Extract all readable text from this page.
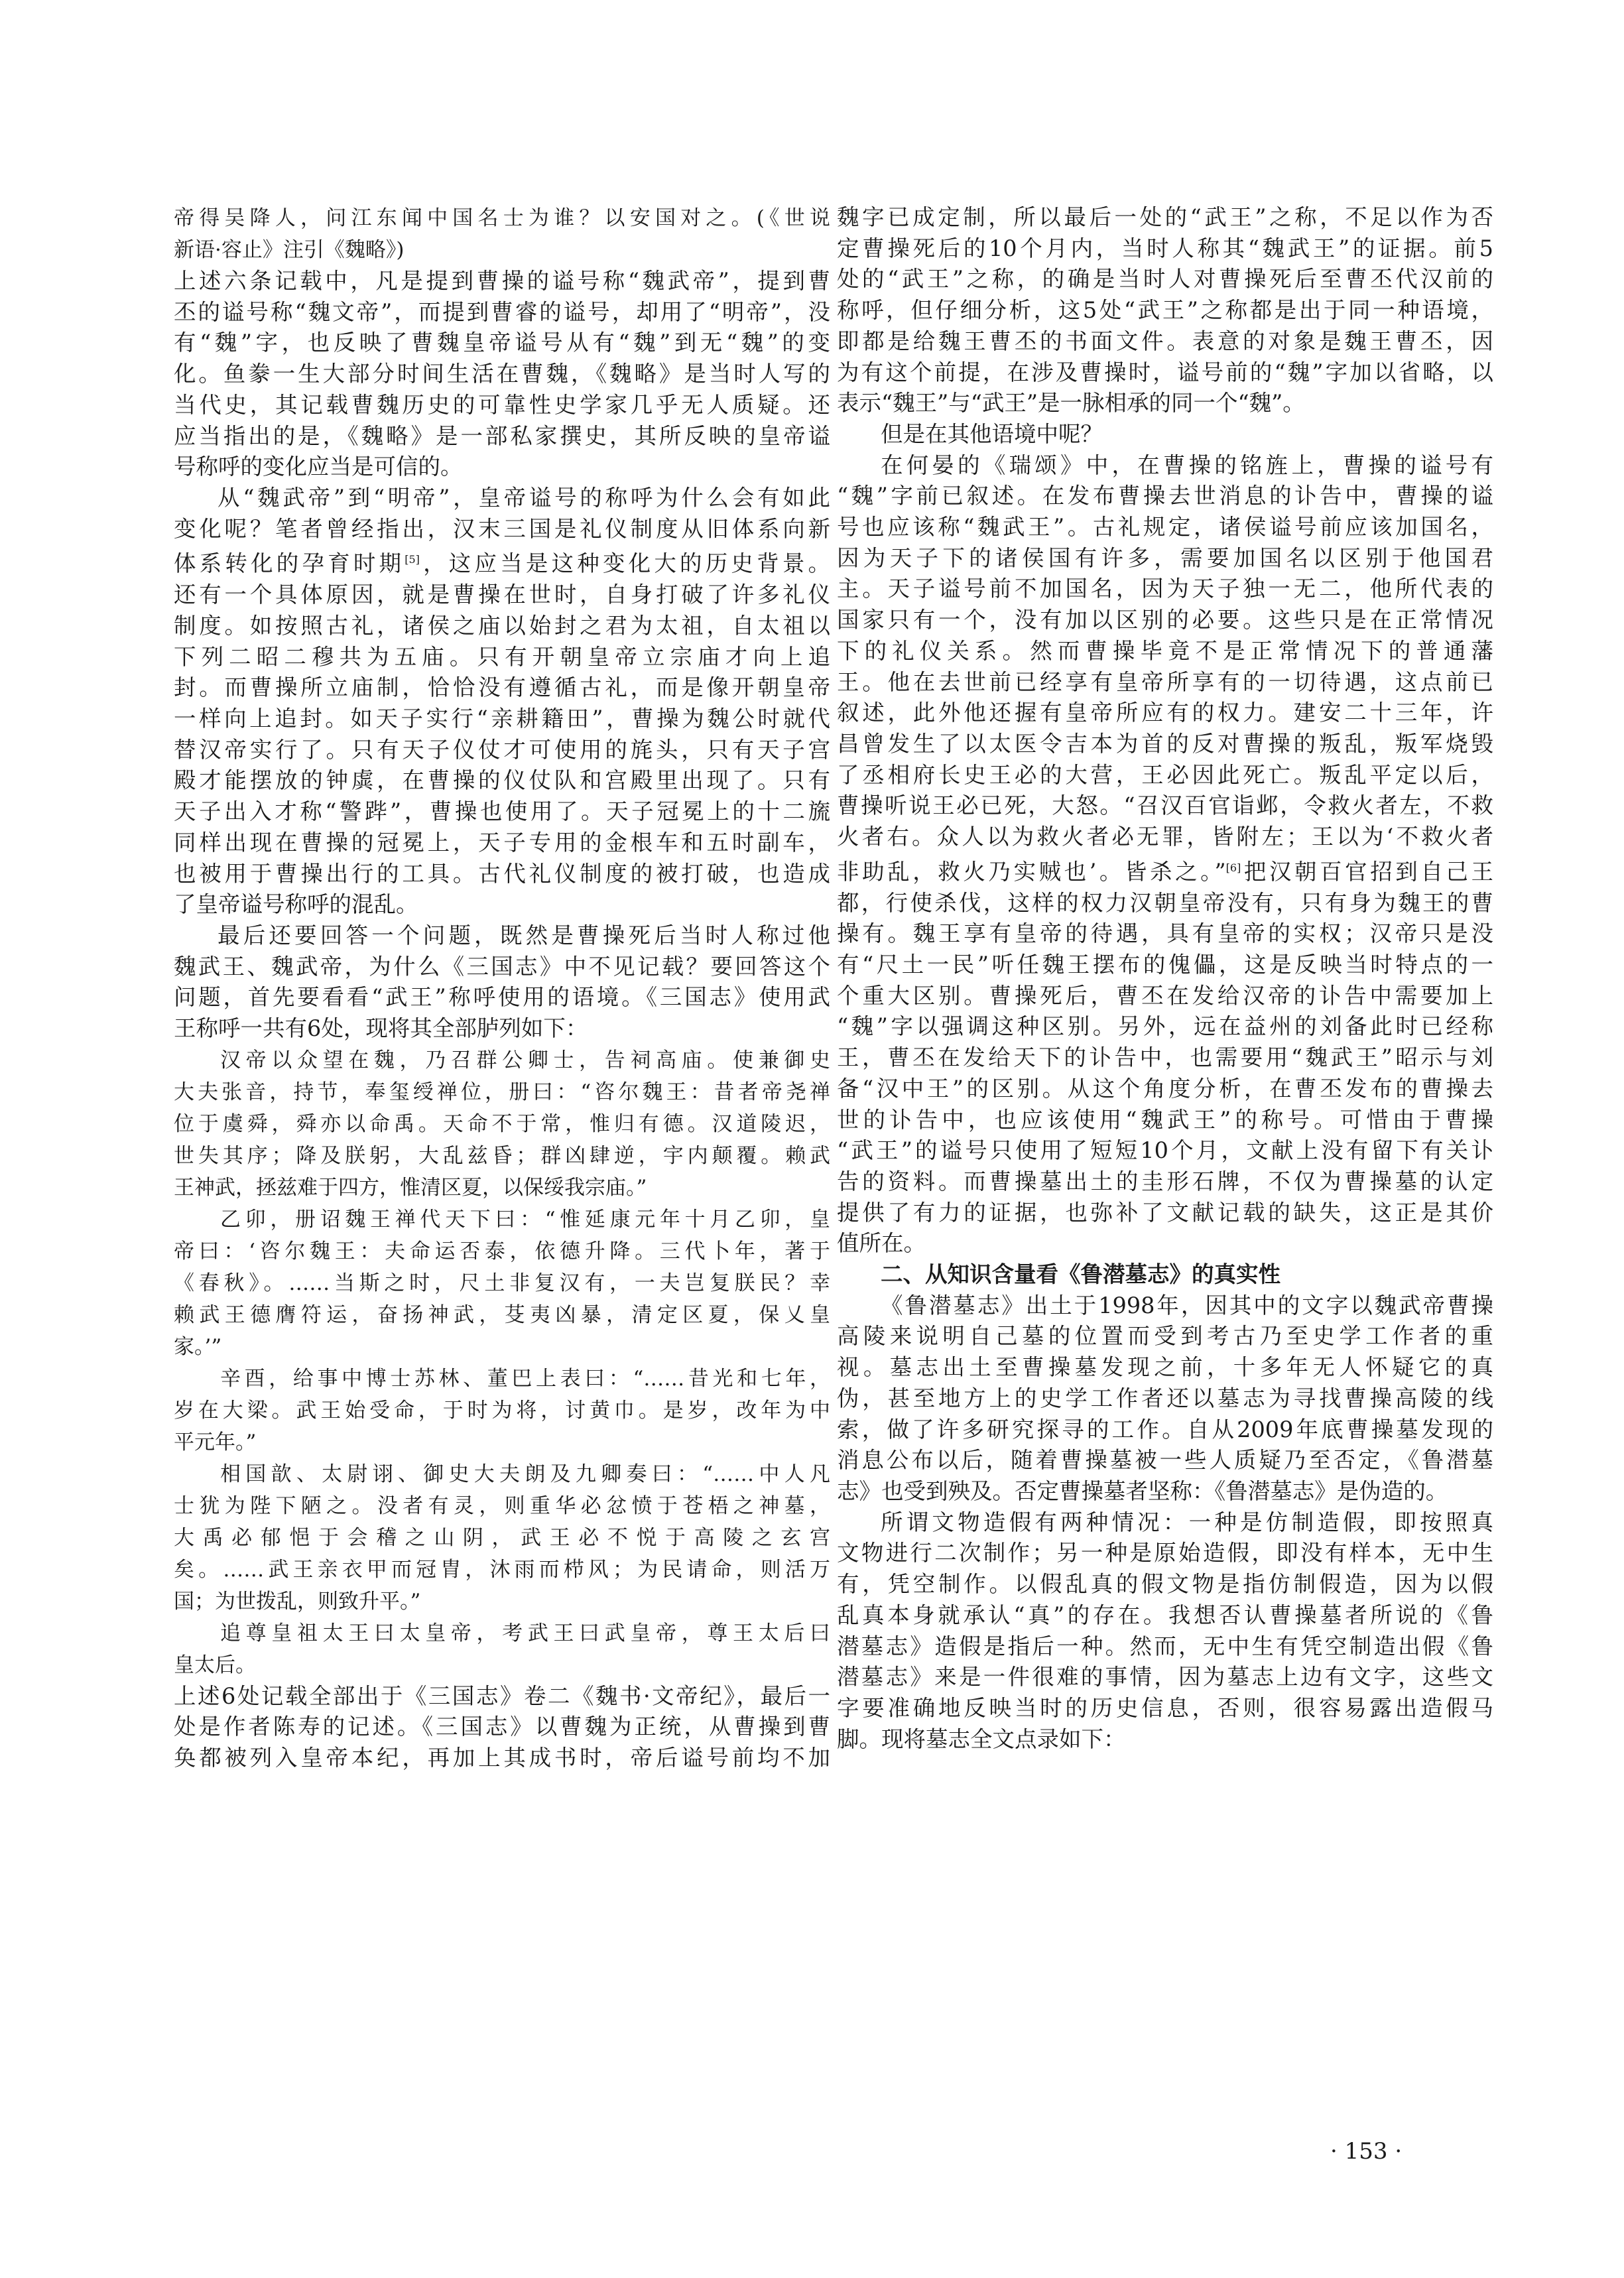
帝得吴降人，问江东闻中国名士为谁？以安国对之。(《世说
新语·容止》注引《魏略》)
上述六条记载中，凡是提到曹操的谥号称“魏武帝”，提到曹
丕的谥号称“魏文帝”，而提到曹睿的谥号，却用了“明帝”，没
有“魏”字，也反映了曹魏皇帝谥号从有“魏”到无“魏”的变
化。鱼豢一生大部分时间生活在曹魏，《魏略》是当时人写的
当代史，其记载曹魏历史的可靠性史学家几乎无人质疑。还
应当指出的是，《魏略》是一部私家撰史，其所反映的皇帝谥
号称呼的变化应当是可信的。
从“魏武帝”到“明帝”，皇帝谥号的称呼为什么会有如此
变化呢？笔者曾经指出，汉末三国是礼仪制度从旧体系向新
体系转化的孕育时期[5]，这应当是这种变化大的历史背景。
还有一个具体原因，就是曹操在世时，自身打破了许多礼仪
制度。如按照古礼，诸侯之庙以始封之君为太祖，自太祖以
下列二昭二穆共为五庙。只有开朝皇帝立宗庙才向上追
封。而曹操所立庙制，恰恰没有遵循古礼，而是像开朝皇帝
一样向上追封。如天子实行“亲耕籍田”，曹操为魏公时就代
替汉帝实行了。只有天子仪仗才可使用的旄头，只有天子宫
殿才能摆放的钟虡，在曹操的仪仗队和宫殿里出现了。只有
天子出入才称“警跸”，曹操也使用了。天子冠冕上的十二旒
同样出现在曹操的冠冕上，天子专用的金根车和五时副车，
也被用于曹操出行的工具。古代礼仪制度的被打破，也造成
了皇帝谥号称呼的混乱。
最后还要回答一个问题，既然是曹操死后当时人称过他
魏武王、魏武帝，为什么《三国志》中不见记载？要回答这个
问题，首先要看看“武王”称呼使用的语境。《三国志》使用武
王称呼一共有6处，现将其全部胪列如下：
汉帝以众望在魏，乃召群公卿士，告祠高庙。使兼御史
大夫张音，持节，奉玺绶禅位，册曰：“咨尔魏王：昔者帝尧禅
位于虞舜，舜亦以命禹。天命不于常，惟归有德。汉道陵迟，
世失其序；降及朕躬，大乱兹昏；群凶肆逆，宇内颠覆。赖武
王神武，拯兹难于四方，惟清区夏，以保绥我宗庙。”
乙卯，册诏魏王禅代天下曰：“惟延康元年十月乙卯，皇
帝曰：‘咨尔魏王：夫命运否泰，依德升降。三代卜年，著于
《春秋》。……当斯之时，尺土非复汉有，一夫岂复朕民？幸
赖武王德膺符运，奋扬神武，芟夷凶暴，清定区夏，保乂皇
家。’”
辛酉，给事中博士苏林、董巴上表曰：“……昔光和七年，
岁在大梁。武王始受命，于时为将，讨黄巾。是岁，改年为中
平元年。”
相国歆、太尉诩、御史大夫朗及九卿奏曰：“……中人凡
士犹为陛下陋之。没者有灵，则重华必忿愤于苍梧之神墓，
大禹必郁悒于会稽之山阴，武王必不悦于高陵之玄宫
矣。……武王亲衣甲而冠胄，沐雨而栉风；为民请命，则活万
国；为世拨乱，则致升平。”
追尊皇祖太王曰太皇帝，考武王曰武皇帝，尊王太后曰
皇太后。
上述6处记载全部出于《三国志》卷二《魏书·文帝纪》，最后一
处是作者陈寿的记述。《三国志》以曹魏为正统，从曹操到曹
奂都被列入皇帝本纪，再加上其成书时，帝后谥号前均不加
魏字已成定制，所以最后一处的“武王”之称，不足以作为否
定曹操死后的10个月内，当时人称其“魏武王”的证据。前5
处的“武王”之称，的确是当时人对曹操死后至曹丕代汉前的
称呼，但仔细分析，这5处“武王”之称都是出于同一种语境，
即都是给魏王曹丕的书面文件。表意的对象是魏王曹丕，因
为有这个前提，在涉及曹操时，谥号前的“魏”字加以省略，以
表示“魏王”与“武王”是一脉相承的同一个“魏”。
但是在其他语境中呢？
在何晏的《瑞颂》中，在曹操的铭旌上，曹操的谥号有
“魏”字前已叙述。在发布曹操去世消息的讣告中，曹操的谥
号也应该称“魏武王”。古礼规定，诸侯谥号前应该加国名，
因为天子下的诸侯国有许多，需要加国名以区别于他国君
主。天子谥号前不加国名，因为天子独一无二，他所代表的
国家只有一个，没有加以区别的必要。这些只是在正常情况
下的礼仪关系。然而曹操毕竟不是正常情况下的普通藩
王。他在去世前已经享有皇帝所享有的一切待遇，这点前已
叙述，此外他还握有皇帝所应有的权力。建安二十三年，许
昌曾发生了以太医令吉本为首的反对曹操的叛乱，叛军烧毁
了丞相府长史王必的大营，王必因此死亡。叛乱平定以后，
曹操听说王必已死，大怒。“召汉百官诣邺，令救火者左，不救
火者右。众人以为救火者必无罪，皆附左；王以为‘不救火者
非助乱，救火乃实贼也’。皆杀之。”[6]把汉朝百官招到自己王
都，行使杀伐，这样的权力汉朝皇帝没有，只有身为魏王的曹
操有。魏王享有皇帝的待遇，具有皇帝的实权；汉帝只是没
有“尺土一民”听任魏王摆布的傀儡，这是反映当时特点的一
个重大区别。曹操死后，曹丕在发给汉帝的讣告中需要加上
“魏”字以强调这种区别。另外，远在益州的刘备此时已经称
王，曹丕在发给天下的讣告中，也需要用“魏武王”昭示与刘
备“汉中王”的区别。从这个角度分析，在曹丕发布的曹操去
世的讣告中，也应该使用“魏武王”的称号。可惜由于曹操
“武王”的谥号只使用了短短10个月，文献上没有留下有关讣
告的资料。而曹操墓出土的圭形石牌，不仅为曹操墓的认定
提供了有力的证据，也弥补了文献记载的缺失，这正是其价
值所在。
二、从知识含量看《鲁潜墓志》的真实性
《鲁潜墓志》出土于1998年，因其中的文字以魏武帝曹操
高陵来说明自己墓的位置而受到考古乃至史学工作者的重
视。墓志出土至曹操墓发现之前，十多年无人怀疑它的真
伪，甚至地方上的史学工作者还以墓志为寻找曹操高陵的线
索，做了许多研究探寻的工作。自从2009年底曹操墓发现的
消息公布以后，随着曹操墓被一些人质疑乃至否定，《鲁潜墓
志》也受到殃及。否定曹操墓者坚称：《鲁潜墓志》是伪造的。
所谓文物造假有两种情况：一种是仿制造假，即按照真
文物进行二次制作；另一种是原始造假，即没有样本，无中生
有，凭空制作。以假乱真的假文物是指仿制假造，因为以假
乱真本身就承认“真”的存在。我想否认曹操墓者所说的《鲁
潜墓志》造假是指后一种。然而，无中生有凭空制造出假《鲁
潜墓志》来是一件很难的事情，因为墓志上边有文字，这些文
字要准确地反映当时的历史信息，否则，很容易露出造假马
脚。现将墓志全文点录如下：
· 153 ·
